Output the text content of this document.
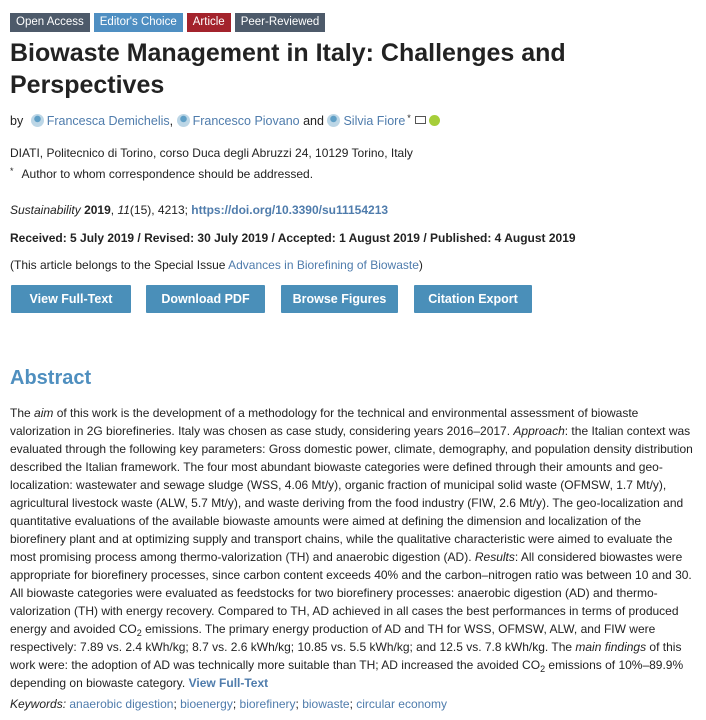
Open Access	Editor's Choice	Article	Peer-Reviewed
Biowaste Management in Italy: Challenges and Perspectives
by Francesca Demichelis, Francesco Piovano and Silvia Fiore *
DIATI, Politecnico di Torino, corso Duca degli Abruzzi 24, 10129 Torino, Italy
* Author to whom correspondence should be addressed.
Sustainability 2019, 11(15), 4213; https://doi.org/10.3390/su11154213
Received: 5 July 2019 / Revised: 30 July 2019 / Accepted: 1 August 2019 / Published: 4 August 2019
(This article belongs to the Special Issue Advances in Biorefining of Biowaste)
View Full-Text	Download PDF	Browse Figures	Citation Export
Abstract

The aim of this work is the development of a methodology for the technical and environmental assessment of biowaste valorization in 2G biorefineries. Italy was chosen as case study, considering years 2016–2017. Approach: the Italian context was evaluated through the following key parameters: Gross domestic power, climate, demography, and population density distribution described the Italian framework. The four most abundant biowaste categories were defined through their amounts and geo-localization: wastewater and sewage sludge (WSS, 4.06 Mt/y), organic fraction of municipal solid waste (OFMSW, 1.7 Mt/y), agricultural livestock waste (ALW, 5.7 Mt/y), and waste deriving from the food industry (FIW, 2.6 Mt/y). The geo-localization and quantitative evaluations of the available biowaste amounts were aimed at defining the dimension and localization of the biorefinery plant and at optimizing supply and transport chains, while the qualitative characteristic were aimed to evaluate the most promising process among thermo-valorization (TH) and anaerobic digestion (AD). Results: All considered biowastes were appropriate for biorefinery processes, since carbon content exceeds 40% and the carbon–nitrogen ratio was between 10 and 30. All biowaste categories were evaluated as feedstocks for two biorefinery processes: anaerobic digestion (AD) and thermo-valorization (TH) with energy recovery. Compared to TH, AD achieved in all cases the best performances in terms of produced energy and avoided $CO_2$ emissions. The primary energy production of AD and TH for WSS, OFMSW, ALW, and FIW were respectively: 7.89 vs. 2.4 kWh/kg; 8.7 vs. 2.6 kWh/kg; 10.85 vs. 5.5 kWh/kg; and 12.5 vs. 7.8 kWh/kg. The main findings of this work were: the adoption of AD was technically more suitable than TH; AD increased the avoided $CO_2$ emissions of 10%–89.9% depending on biowaste category. View Full-Text

Keywords: anaerobic digestion; bioenergy; biorefinery; biowaste; circular economy
